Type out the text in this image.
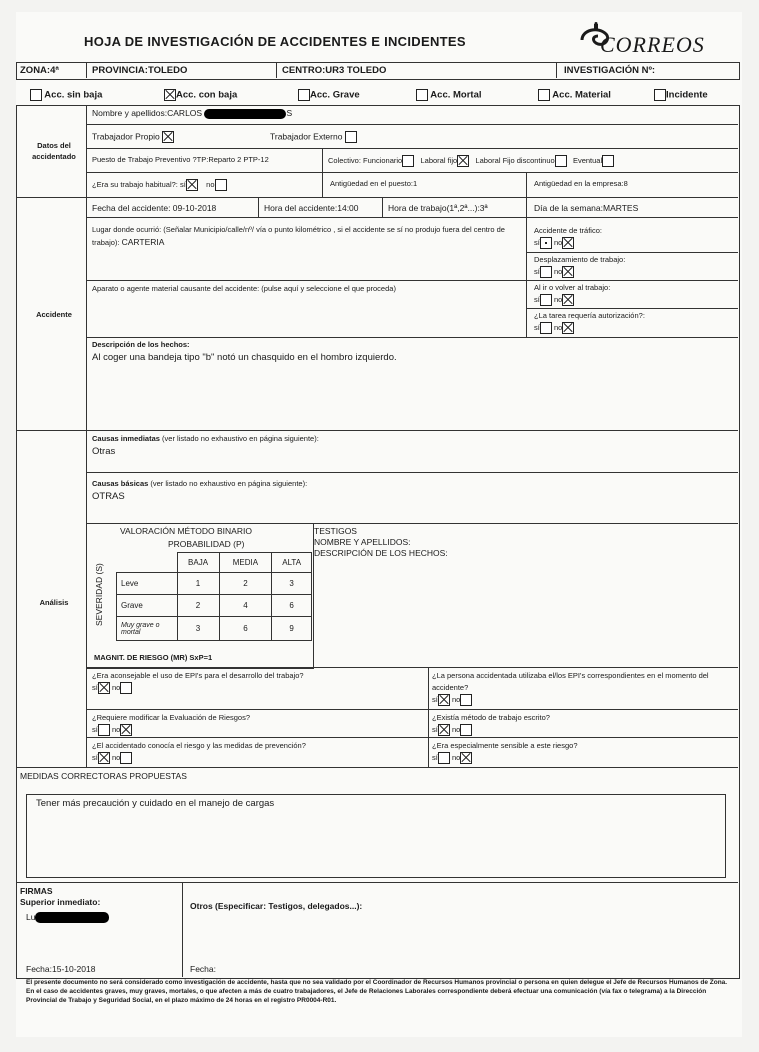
HOJA DE INVESTIGACIÓN DE ACCIDENTES E INCIDENTES	CORREOS
ZONA:4ª	PROVINCIA:TOLEDO	CENTRO:UR3 TOLEDO	INVESTIGACIÓN Nº:
Acc. sin baja	Acc. con baja	Acc. Grave	Acc. Mortal	Acc. Material	Incidente
Datos del accidentado
Accidente
Análisis
Nombre y apellidos:CARLOS	S
Trabajador Propio	Trabajador Externo
Puesto de Trabajo Preventivo ?TP:Reparto 2 PTP-12	Colectivo: Funcionario Laboral fijo Laboral Fijo discontinuo Eventual
¿Era su trabajo habitual?: sí	no	Antigüedad en el puesto:1	Antigüedad en la empresa:8
Fecha del accidente: 09-10-2018	Hora del accidente:14:00	Hora de trabajo(1ª,2ª...):3ª	Día de la semana:MARTES
Lugar donde ocurrió: (Señalar Municipio/calle/nº/ vía o punto kilométrico , si el accidente se sí no produjo fuera del centro de trabajo): CARTERIA
Aparato o agente material causante del accidente: (pulse aquí y seleccione el que proceda)
Accidente de tráfico:
sí no
Desplazamiento de trabajo:
sí no
Al ir o volver al trabajo:
sí no
¿La tarea requería autorización?:
sí no
Descripción de los hechos:
Al coger una bandeja tipo "b" notó un chasquido en el hombro izquierdo.
Causas inmediatas (ver listado no exhaustivo en página siguiente):
Otras
Causas básicas (ver listado no exhaustivo en página siguiente):
OTRAS
VALORACIÓN MÉTODO BINARIO
PROBABILIDAD (P)
SEVERIDAD (S)
	BAJA	MEDIA	ALTA
Leve	1	2	3
Grave	2	4	6
Muy grave o mortal	3	6	9
MAGNIT. DE RIESGO (MR) SxP=1
TESTIGOS
NOMBRE Y APELLIDOS:
DESCRIPCIÓN DE LOS HECHOS:
¿Era aconsejable el uso de EPI's para el desarrollo del trabajo?
sí no
¿La persona accidentada utilizaba el/los EPI's correspondientes en el momento del accidente?
sí no
¿Requiere modificar la Evaluación de Riesgos?
sí no
¿Existía método de trabajo escrito?
sí no
¿El accidentado conocía el riesgo y las medidas de prevención?
sí no
¿Era especialmente sensible a este riesgo?
sí no
MEDIDAS CORRECTORAS PROPUESTAS
Tener más precaución y cuidado en el manejo de cargas
FIRMAS
Superior inmediato:
Lu
Otros (Especificar: Testigos, delegados...):
Fecha:15-10-2018	Fecha:

El presente documento no será considerado como investigación de accidente, hasta que no sea validado por el Coordinador de Recursos Humanos provincial o persona en quien delegue el Jefe de Recursos Humanos de Zona.

En el caso de accidentes graves, muy graves, mortales, o que afecten a más de cuatro trabajadores, el Jefe de Relaciones Laborales correspondiente deberá efectuar una comunicación (vía fax o telegrama) a la Dirección Provincial de Trabajo y Seguridad Social, en el plazo máximo de 24 horas en el registro PR0004-R01.
